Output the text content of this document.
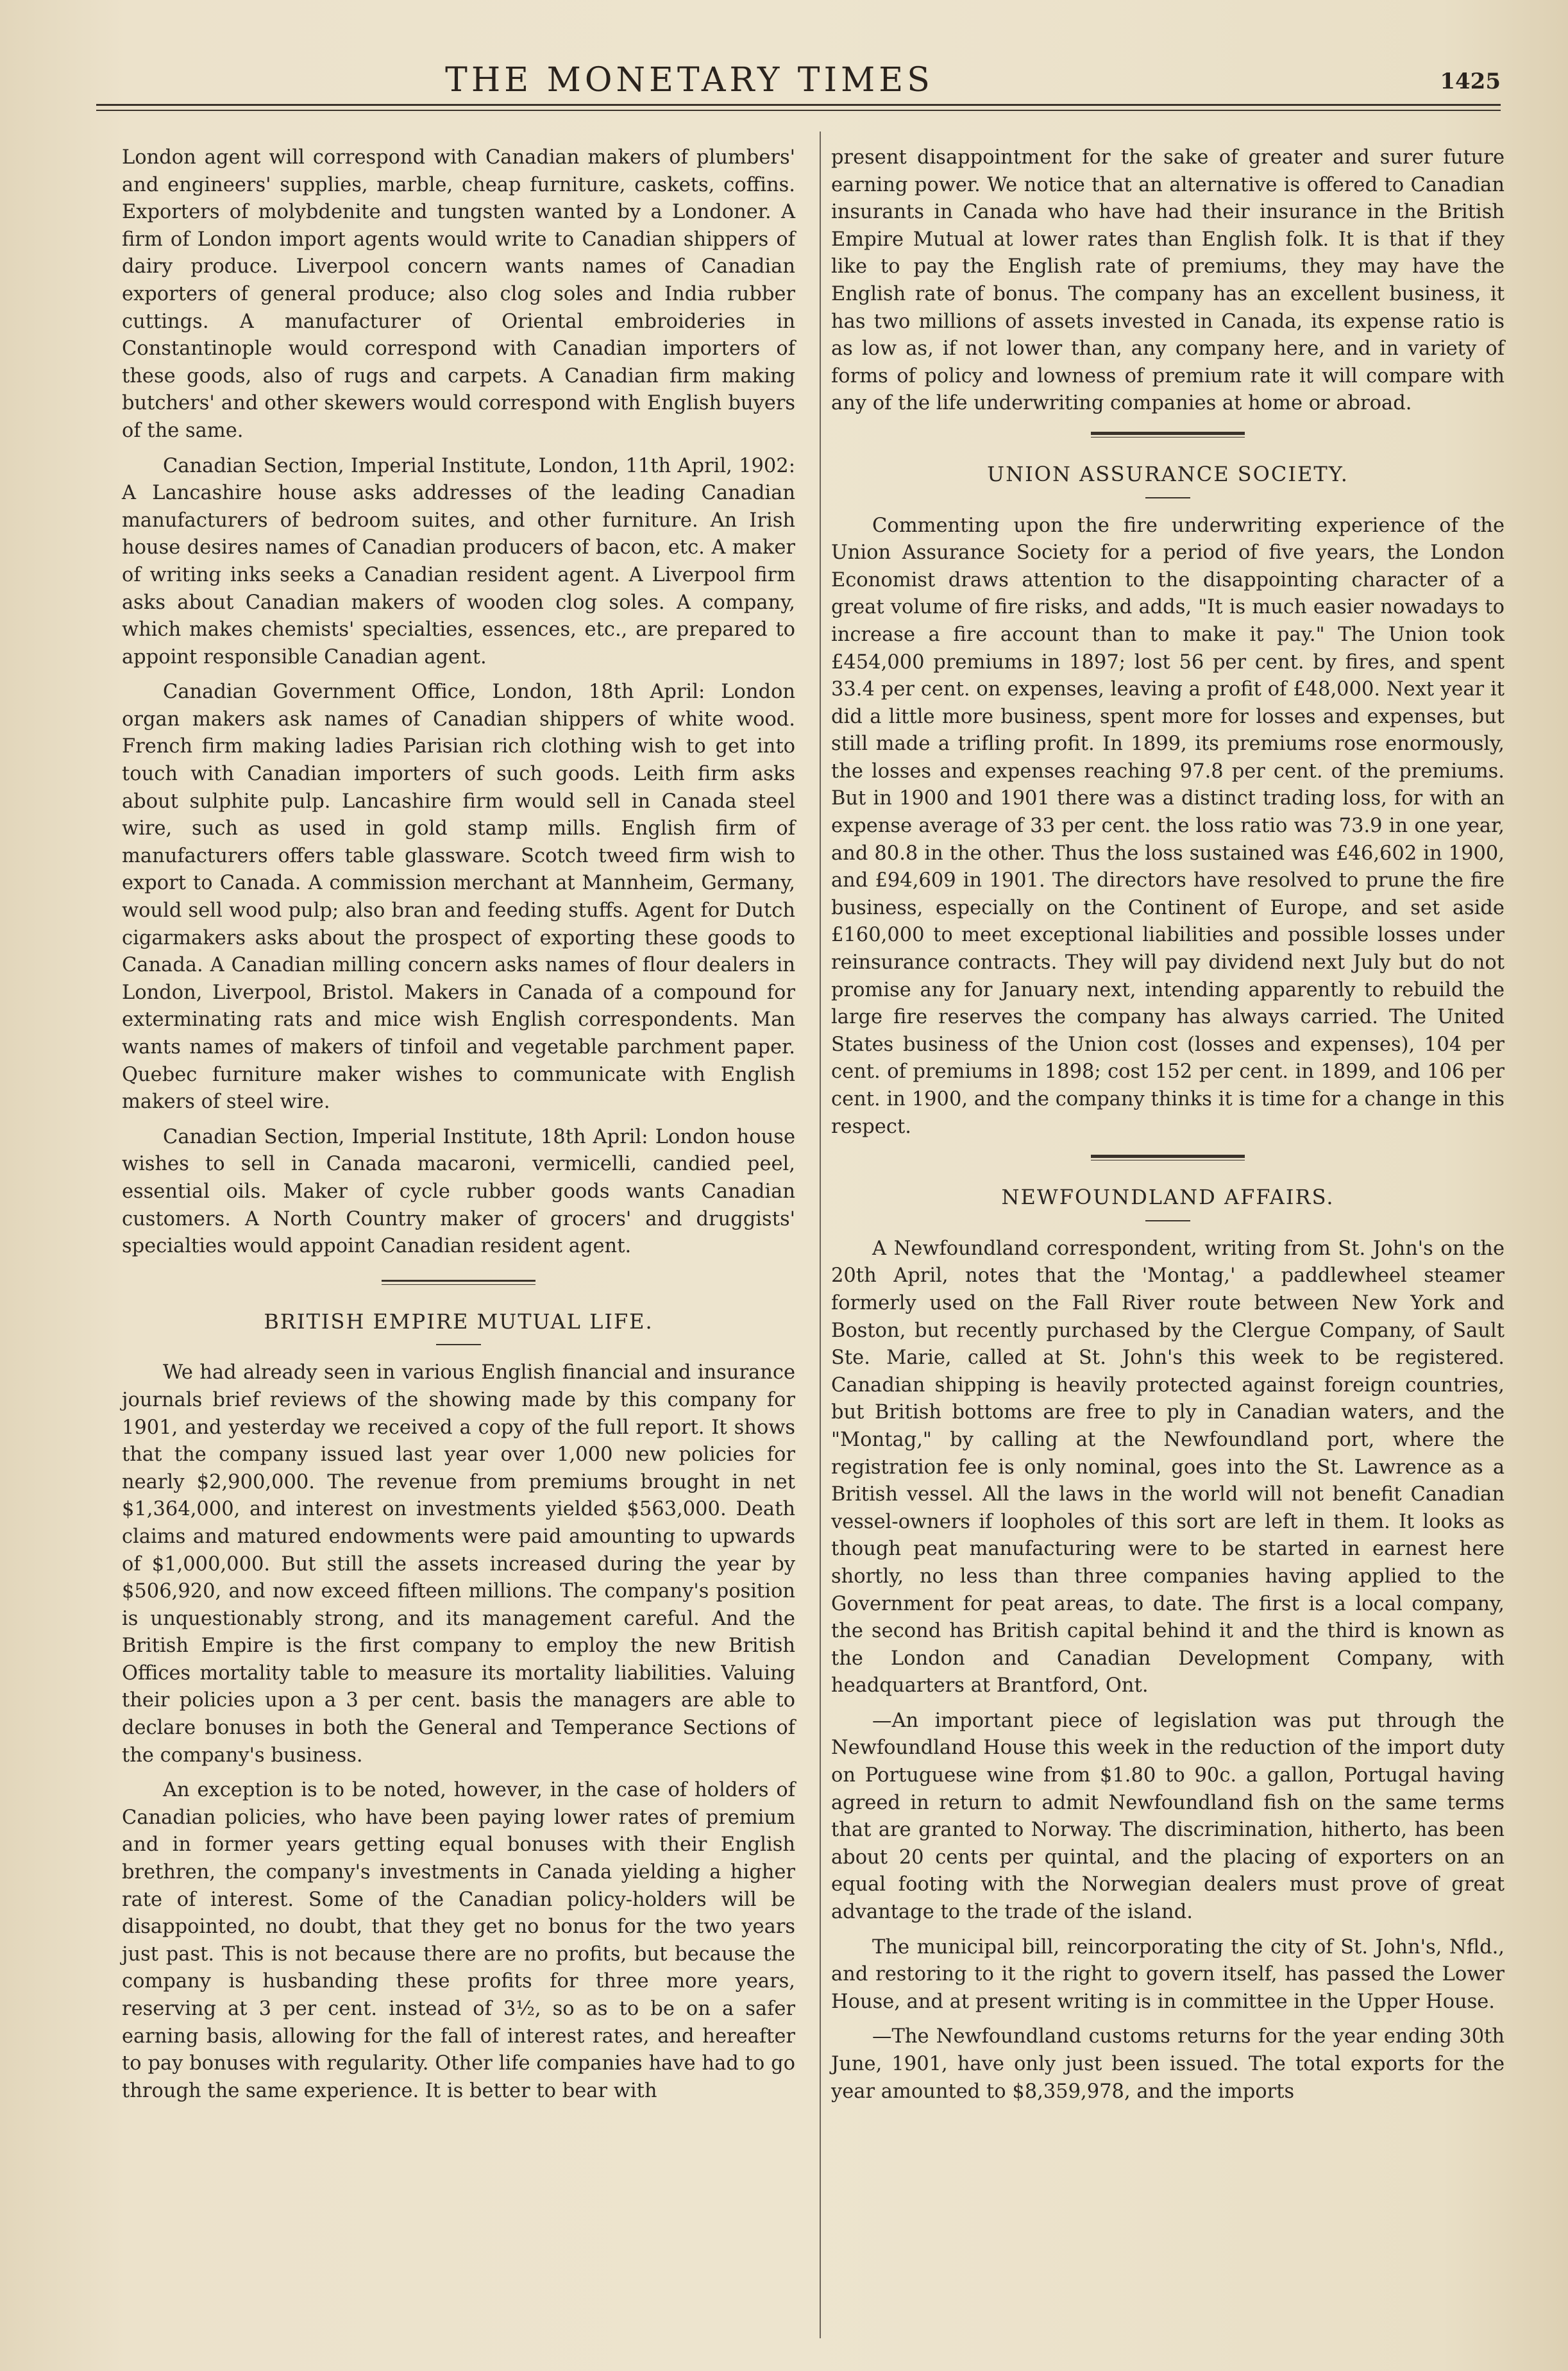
THE MONETARY TIMES	1425

London agent will correspond with Canadian makers of plumbers' and engineers' supplies, marble, cheap furniture, caskets, coffins. Exporters of molybdenite and tungsten wanted by a Londoner. A firm of London import agents would write to Canadian shippers of dairy produce. Liverpool concern wants names of Canadian exporters of general produce; also clog soles and India rubber cuttings. A manufacturer of Oriental embroideries in Constantinople would correspond with Canadian importers of these goods, also of rugs and carpets. A Canadian firm making butchers' and other skewers would correspond with English buyers of the same.

Canadian Section, Imperial Institute, London, 11th April, 1902: A Lancashire house asks addresses of the leading Canadian manufacturers of bedroom suites, and other furniture. An Irish house desires names of Canadian producers of bacon, etc. A maker of writing inks seeks a Canadian resident agent. A Liverpool firm asks about Canadian makers of wooden clog soles. A company, which makes chemists' specialties, essences, etc., are prepared to appoint responsible Canadian agent.

Canadian Government Office, London, 18th April: London organ makers ask names of Canadian shippers of white wood. French firm making ladies Parisian rich clothing wish to get into touch with Canadian importers of such goods. Leith firm asks about sulphite pulp. Lancashire firm would sell in Canada steel wire, such as used in gold stamp mills. English firm of manufacturers offers table glassware. Scotch tweed firm wish to export to Canada. A commission merchant at Mannheim, Germany, would sell wood pulp; also bran and feeding stuffs. Agent for Dutch cigarmakers asks about the prospect of exporting these goods to Canada. A Canadian milling concern asks names of flour dealers in London, Liverpool, Bristol. Makers in Canada of a compound for exterminating rats and mice wish English correspondents. Man wants names of makers of tinfoil and vegetable parchment paper. Quebec furniture maker wishes to communicate with English makers of steel wire.

Canadian Section, Imperial Institute, 18th April: London house wishes to sell in Canada macaroni, vermicelli, candied peel, essential oils. Maker of cycle rubber goods wants Canadian customers. A North Country maker of grocers' and druggists' specialties would appoint Canadian resident agent.

BRITISH EMPIRE MUTUAL LIFE.

We had already seen in various English financial and insurance journals brief reviews of the showing made by this company for 1901, and yesterday we received a copy of the full report. It shows that the company issued last year over 1,000 new policies for nearly $2,900,000. The revenue from premiums brought in net $1,364,000, and interest on investments yielded $563,000. Death claims and matured endowments were paid amounting to upwards of $1,000,000. But still the assets increased during the year by $506,920, and now exceed fifteen millions. The company's position is unquestionably strong, and its management careful. And the British Empire is the first company to employ the new British Offices mortality table to measure its mortality liabilities. Valuing their policies upon a 3 per cent. basis the managers are able to declare bonuses in both the General and Temperance Sections of the company's business.

An exception is to be noted, however, in the case of holders of Canadian policies, who have been paying lower rates of premium and in former years getting equal bonuses with their English brethren, the company's investments in Canada yielding a higher rate of interest. Some of the Canadian policy-holders will be disappointed, no doubt, that they get no bonus for the two years just past. This is not because there are no profits, but because the company is husbanding these profits for three more years, reserving at 3 per cent. instead of 3½, so as to be on a safer earning basis, allowing for the fall of interest rates, and hereafter to pay bonuses with regularity. Other life companies have had to go through the same experience. It is better to bear with

present disappointment for the sake of greater and surer future earning power. We notice that an alternative is offered to Canadian insurants in Canada who have had their insurance in the British Empire Mutual at lower rates than English folk. It is that if they like to pay the English rate of premiums, they may have the English rate of bonus. The company has an excellent business, it has two millions of assets invested in Canada, its expense ratio is as low as, if not lower than, any company here, and in variety of forms of policy and lowness of premium rate it will compare with any of the life underwriting companies at home or abroad.

UNION ASSURANCE SOCIETY.

Commenting upon the fire underwriting experience of the Union Assurance Society for a period of five years, the London Economist draws attention to the disappointing character of a great volume of fire risks, and adds, "It is much easier nowadays to increase a fire account than to make it pay." The Union took £454,000 premiums in 1897; lost 56 per cent. by fires, and spent 33.4 per cent. on expenses, leaving a profit of £48,000. Next year it did a little more business, spent more for losses and expenses, but still made a trifling profit. In 1899, its premiums rose enormously, the losses and expenses reaching 97.8 per cent. of the premiums. But in 1900 and 1901 there was a distinct trading loss, for with an expense average of 33 per cent. the loss ratio was 73.9 in one year, and 80.8 in the other. Thus the loss sustained was £46,602 in 1900, and £94,609 in 1901. The directors have resolved to prune the fire business, especially on the Continent of Europe, and set aside £160,000 to meet exceptional liabilities and possible losses under reinsurance contracts. They will pay dividend next July but do not promise any for January next, intending apparently to rebuild the large fire reserves the company has always carried. The United States business of the Union cost (losses and expenses), 104 per cent. of premiums in 1898; cost 152 per cent. in 1899, and 106 per cent. in 1900, and the company thinks it is time for a change in this respect.

NEWFOUNDLAND AFFAIRS.

A Newfoundland correspondent, writing from St. John's on the 20th April, notes that the 'Montag,' a paddlewheel steamer formerly used on the Fall River route between New York and Boston, but recently purchased by the Clergue Company, of Sault Ste. Marie, called at St. John's this week to be registered. Canadian shipping is heavily protected against foreign countries, but British bottoms are free to ply in Canadian waters, and the "Montag," by calling at the Newfoundland port, where the registration fee is only nominal, goes into the St. Lawrence as a British vessel. All the laws in the world will not benefit Canadian vessel-owners if loopholes of this sort are left in them. It looks as though peat manufacturing were to be started in earnest here shortly, no less than three companies having applied to the Government for peat areas, to date. The first is a local company, the second has British capital behind it and the third is known as the London and Canadian Development Company, with headquarters at Brantford, Ont.

—An important piece of legislation was put through the Newfoundland House this week in the reduction of the import duty on Portuguese wine from $1.80 to 90c. a gallon, Portugal having agreed in return to admit Newfoundland fish on the same terms that are granted to Norway. The discrimination, hitherto, has been about 20 cents per quintal, and the placing of exporters on an equal footing with the Norwegian dealers must prove of great advantage to the trade of the island.

The municipal bill, reincorporating the city of St. John's, Nfld., and restoring to it the right to govern itself, has passed the Lower House, and at present writing is in committee in the Upper House.

—The Newfoundland customs returns for the year ending 30th June, 1901, have only just been issued. The total exports for the year amounted to $8,359,978, and the imports
